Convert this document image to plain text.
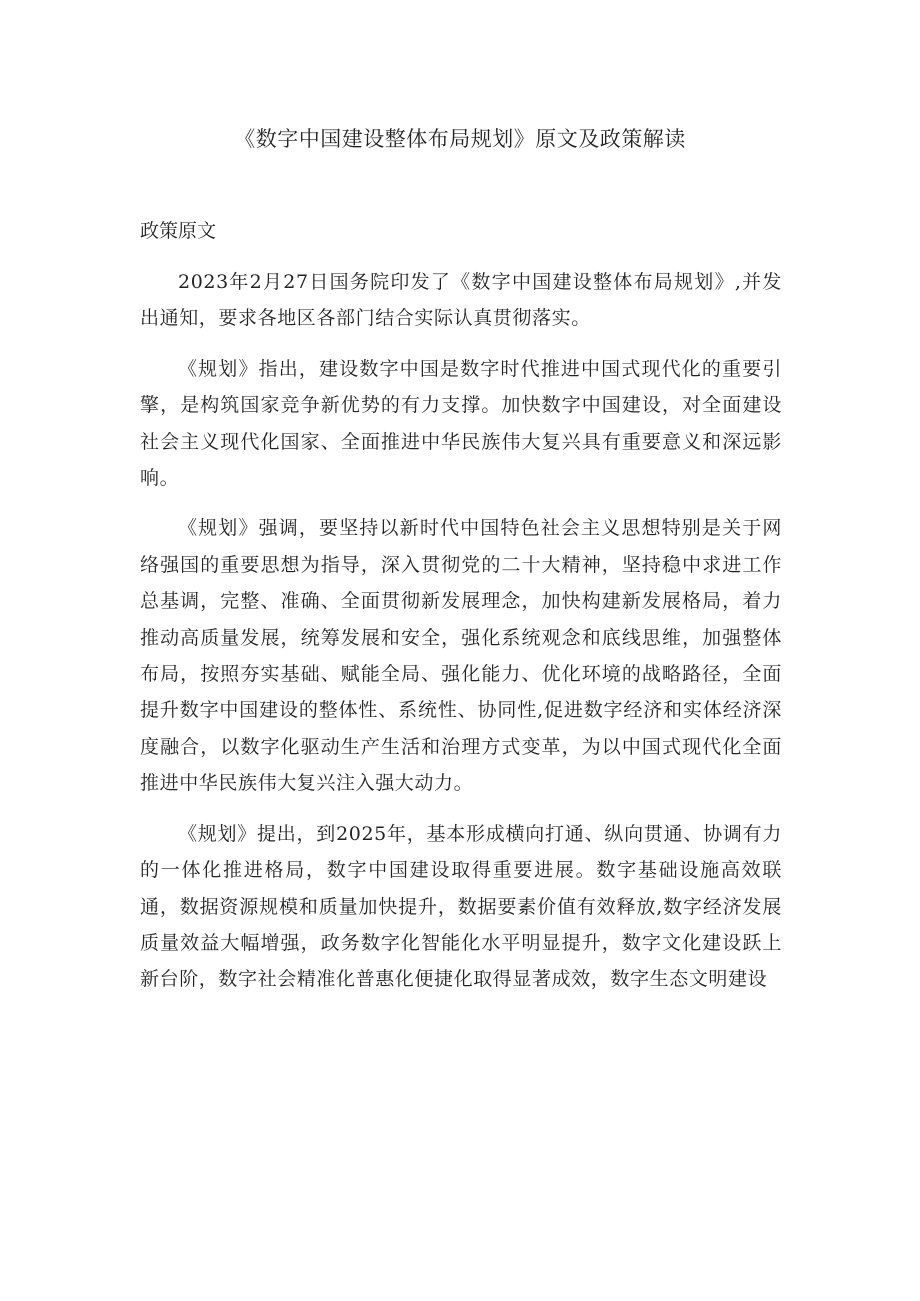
《数字中国建设整体布局规划》原文及政策解读
政策原文

2023年2月27日国务院印发了《数字中国建设整体布局规划》,并发出通知，要求各地区各部门结合实际认真贯彻落实。

《规划》指出，建设数字中国是数字时代推进中国式现代化的重要引擎，是构筑国家竞争新优势的有力支撑。加快数字中国建设，对全面建设社会主义现代化国家、全面推进中华民族伟大复兴具有重要意义和深远影响。

《规划》强调，要坚持以新时代中国特色社会主义思想特别是关于网络强国的重要思想为指导，深入贯彻党的二十大精神，坚持稳中求进工作总基调，完整、准确、全面贯彻新发展理念，加快构建新发展格局，着力推动高质量发展，统筹发展和安全，强化系统观念和底线思维，加强整体布局，按照夯实基础、赋能全局、强化能力、优化环境的战略路径，全面提升数字中国建设的整体性、系统性、协同性,促进数字经济和实体经济深度融合，以数字化驱动生产生活和治理方式变革，为以中国式现代化全面推进中华民族伟大复兴注入强大动力。

《规划》提出，到2025年，基本形成横向打通、纵向贯通、协调有力的一体化推进格局，数字中国建设取得重要进展。数字基础设施高效联通，数据资源规模和质量加快提升，数据要素价值有效释放,数字经济发展质量效益大幅增强，政务数字化智能化水平明显提升，数字文化建设跃上新台阶，数字社会精准化普惠化便捷化取得显著成效，数字生态文明建设
